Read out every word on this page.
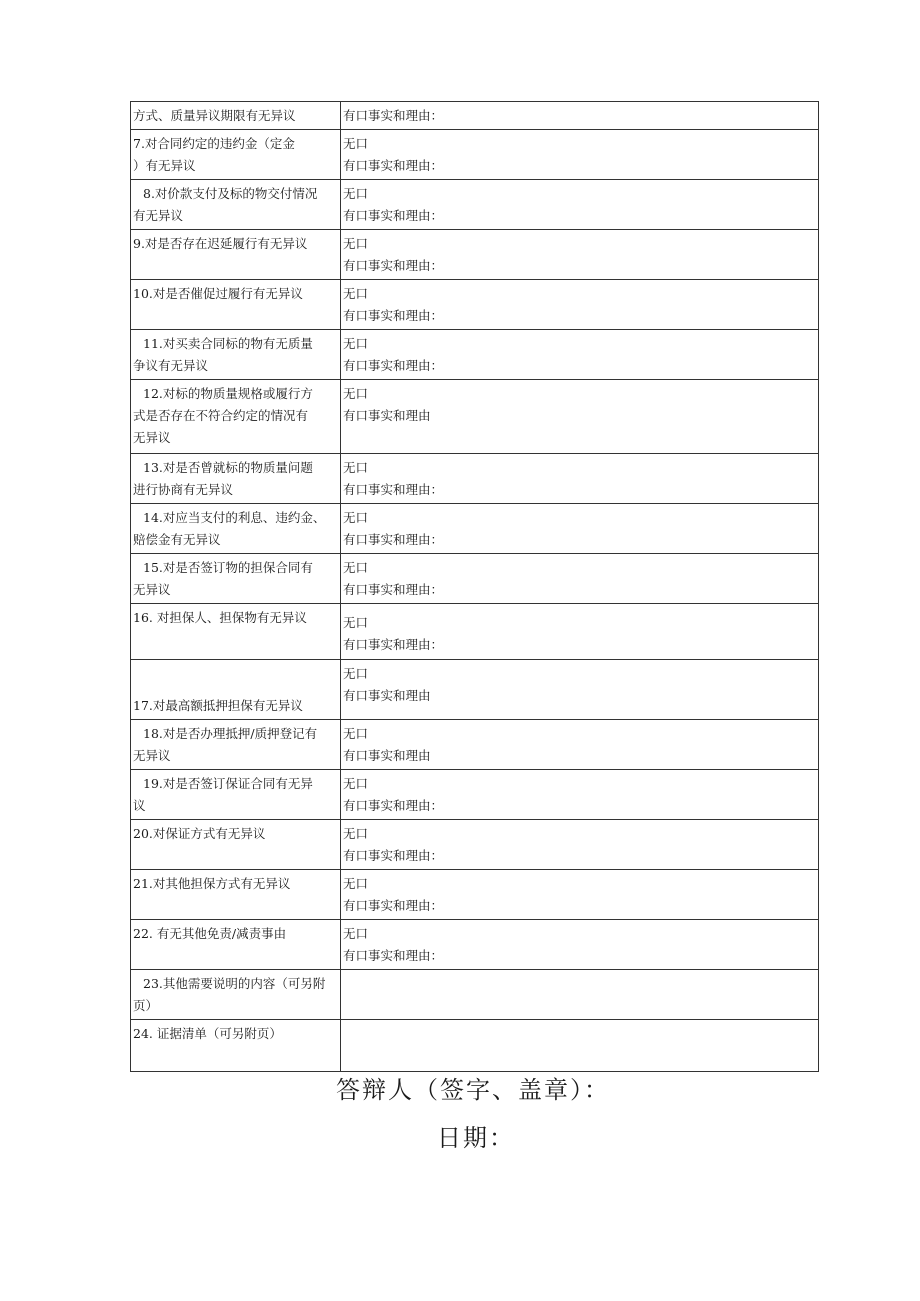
方式、质量异议期限有无异议	有口事实和理由：

7.对合同约定的违约金（定金
）有无异议	无口
有口事实和理由：

8.对价款支付及标的物交付情况
有无异议	无口
有口事实和理由：

9.对是否存在迟延履行有无异议	无口
有口事实和理由：

10.对是否催促过履行有无异议	无口
有口事实和理由：

11.对买卖合同标的物有无质量
争议有无异议	无口
有口事实和理由：

12.对标的物质量规格或履行方
式是否存在不符合约定的情况有
无异议	无口
有口事实和理由

13.对是否曾就标的物质量问题
进行协商有无异议	无口
有口事实和理由：

14.对应当支付的利息、违约金、
赔偿金有无异议	无口
有口事实和理由：

15.对是否签订物的担保合同有
无异议	无口
有口事实和理由：

16. 对担保人、担保物有无异议	无口
有口事实和理由：

17.对最高额抵押担保有无异议	无口
有口事实和理由

18.对是否办理抵押/质押登记有
无异议	无口
有口事实和理由

19.对是否签订保证合同有无异
议	无口
有口事实和理由：

20.对保证方式有无异议	无口
有口事实和理由：

21.对其他担保方式有无异议	无口
有口事实和理由：

22. 有无其他免责/减责事由	无口
有口事实和理由：

23.其他需要说明的内容（可另附
页）	

24. 证据清单（可另附页）	

答辩人（签字、盖章）：
日期：
